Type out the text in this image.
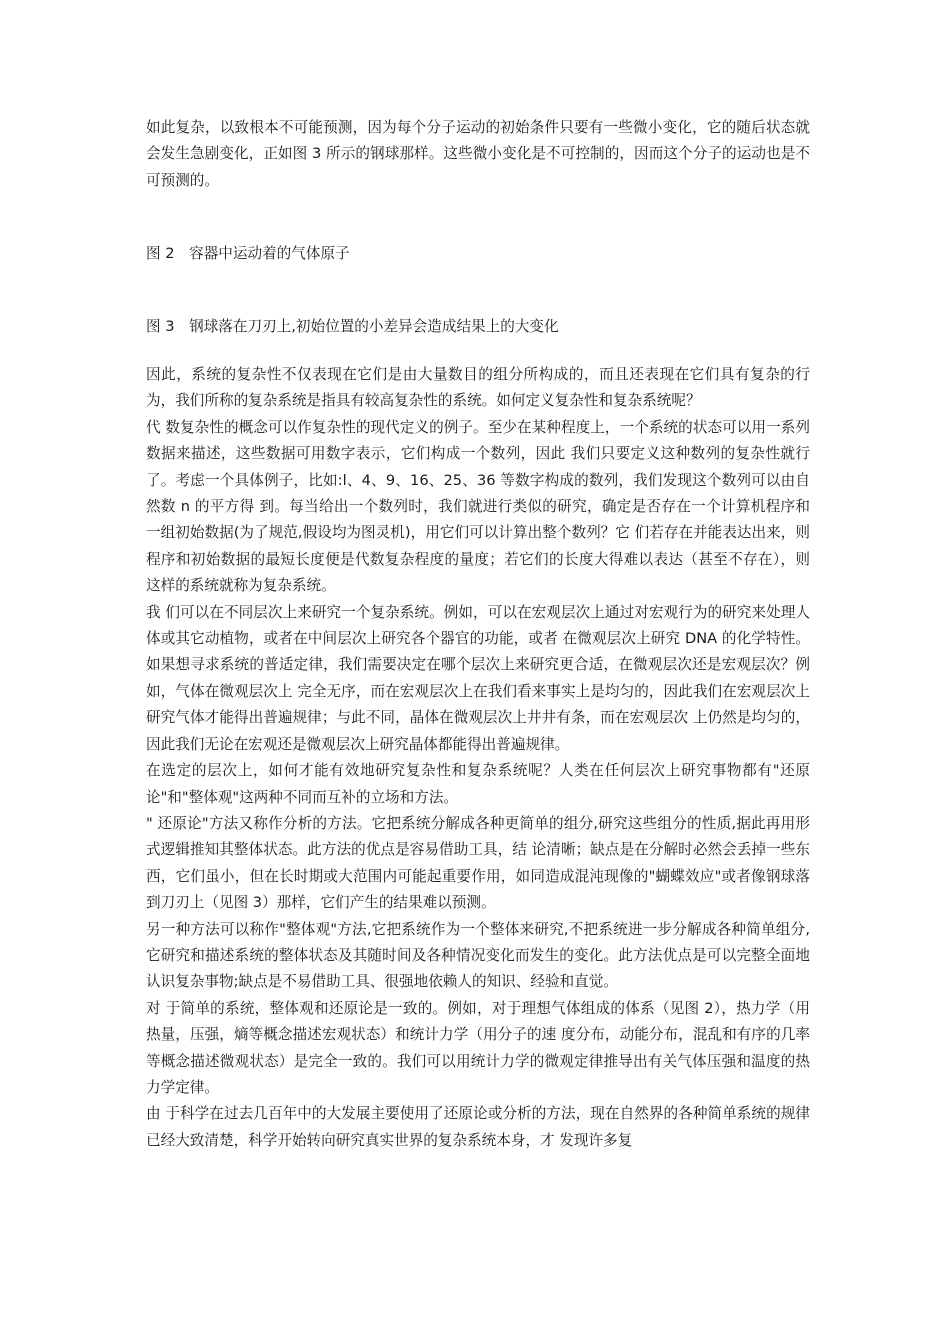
如此复杂，以致根本不可能预测，因为每个分子运动的初始条件只要有一些微小变化，它的随后状态就会发生急剧变化，正如图 3 所示的钢球那样。这些微小变化是不可控制的，因而这个分子的运动也是不可预测的。

图 2　容器中运动着的气体原子

图 3　钢球落在刀刃上,初始位置的小差异会造成结果上的大变化

因此，系统的复杂性不仅表现在它们是由大量数目的组分所构成的，而且还表现在它们具有复杂的行为，我们所称的复杂系统是指具有较高复杂性的系统。如何定义复杂性和复杂系统呢？

代 数复杂性的概念可以作复杂性的现代定义的例子。至少在某种程度上，一个系统的状态可以用一系列数据来描述，这些数据可用数字表示，它们构成一个数列，因此 我们只要定义这种数列的复杂性就行了。考虑一个具体例子，比如:l、4、9、16、25、36 等数字构成的数列，我们发现这个数列可以由自然数 n 的平方得 到。每当给出一个数列时，我们就进行类似的研究，确定是否存在一个计算机程序和一组初始数据(为了规范,假设均为图灵机)，用它们可以计算出整个数列？它 们若存在并能表达出来，则程序和初始数据的最短长度便是代数复杂程度的量度；若它们的长度大得难以表达（甚至不存在），则这样的系统就称为复杂系统。

我 们可以在不同层次上来研究一个复杂系统。例如，可以在宏观层次上通过对宏观行为的研究来处理人体或其它动植物，或者在中间层次上研究各个器官的功能，或者 在微观层次上研究 DNA 的化学特性。如果想寻求系统的普适定律，我们需要决定在哪个层次上来研究更合适，在微观层次还是宏观层次？例如，气体在微观层次上 完全无序，而在宏观层次上在我们看来事实上是均匀的，因此我们在宏观层次上研究气体才能得出普遍规律；与此不同，晶体在微观层次上井井有条，而在宏观层次 上仍然是均匀的，因此我们无论在宏观还是微观层次上研究晶体都能得出普遍规律。

在选定的层次上，如何才能有效地研究复杂性和复杂系统呢？人类在任何层次上研究事物都有"还原论"和"整体观"这两种不同而互补的立场和方法。

" 还原论"方法又称作分析的方法。它把系统分解成各种更简单的组分,研究这些组分的性质,据此再用形式逻辑推知其整体状态。此方法的优点是容易借助工具，结 论清晰；缺点是在分解时必然会丢掉一些东西，它们虽小，但在长时期或大范围内可能起重要作用，如同造成混沌现像的"蝴蝶效应"或者像钢球落到刀刃上（见图 3）那样，它们产生的结果难以预测。

另一种方法可以称作"整体观"方法,它把系统作为一个整体来研究,不把系统进一步分解成各种简单组分,它研究和描述系统的整体状态及其随时间及各种情况变化而发生的变化。此方法优点是可以完整全面地认识复杂事物;缺点是不易借助工具、很强地依赖人的知识、经验和直觉。

对 于简单的系统，整体观和还原论是一致的。例如，对于理想气体组成的体系（见图 2），热力学（用热量，压强，熵等概念描述宏观状态）和统计力学（用分子的速 度分布，动能分布，混乱和有序的几率等概念描述微观状态）是完全一致的。我们可以用统计力学的微观定律推导出有关气体压强和温度的热力学定律。

由 于科学在过去几百年中的大发展主要使用了还原论或分析的方法，现在自然界的各种简单系统的规律已经大致清楚，科学开始转向研究真实世界的复杂系统本身，才 发现许多复
